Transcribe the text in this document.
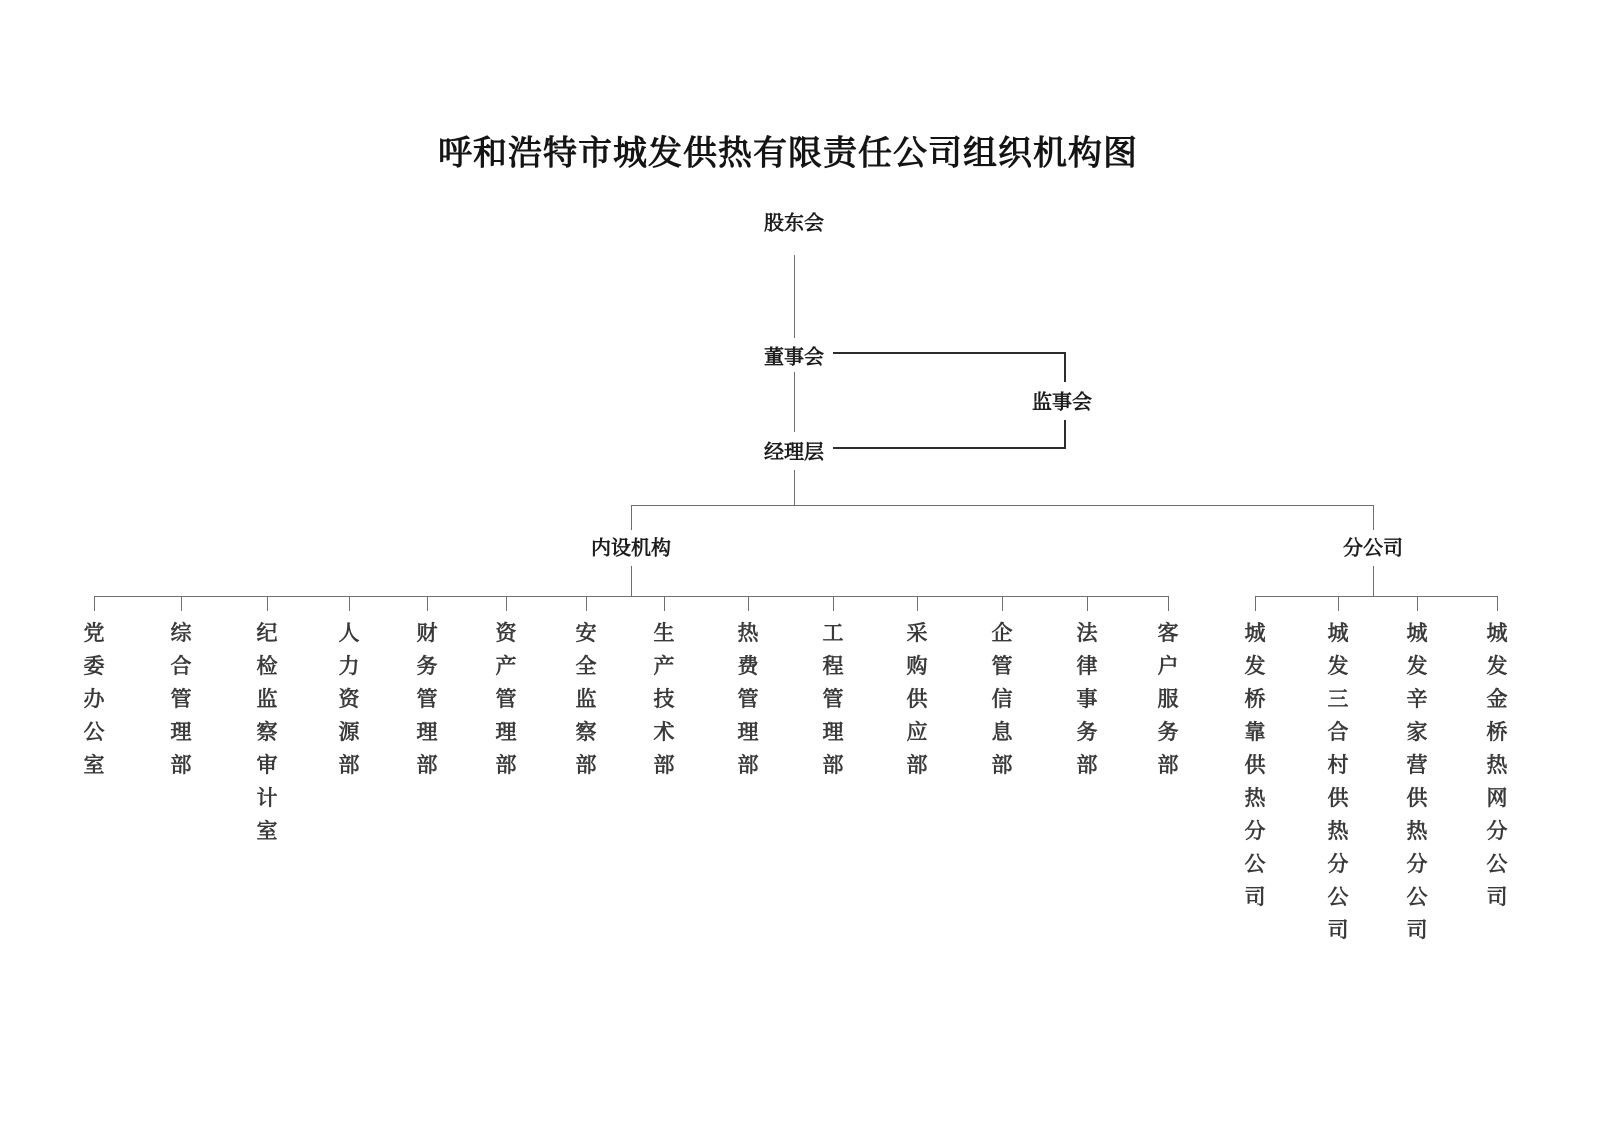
呼和浩特市城发供热有限责任公司组织机构图
股东会
董事会
监事会
经理层
内设机构	分公司
党
委
办
公
室
综
合
管
理
部
纪
检
监
察
审
计
室
人
力
资
源
部
财
务
管
理
部
资
产
管
理
部
安
全
监
察
部
生
产
技
术
部
热
费
管
理
部
工
程
管
理
部
采
购
供
应
部
企
管
信
息
部
法
律
事
务
部
客
户
服
务
部
城
发
桥
靠
供
热
分
公
司
城
发
三
合
村
供
热
分
公
司
城
发
辛
家
营
供
热
分
公
司
城
发
金
桥
热
网
分
公
司
